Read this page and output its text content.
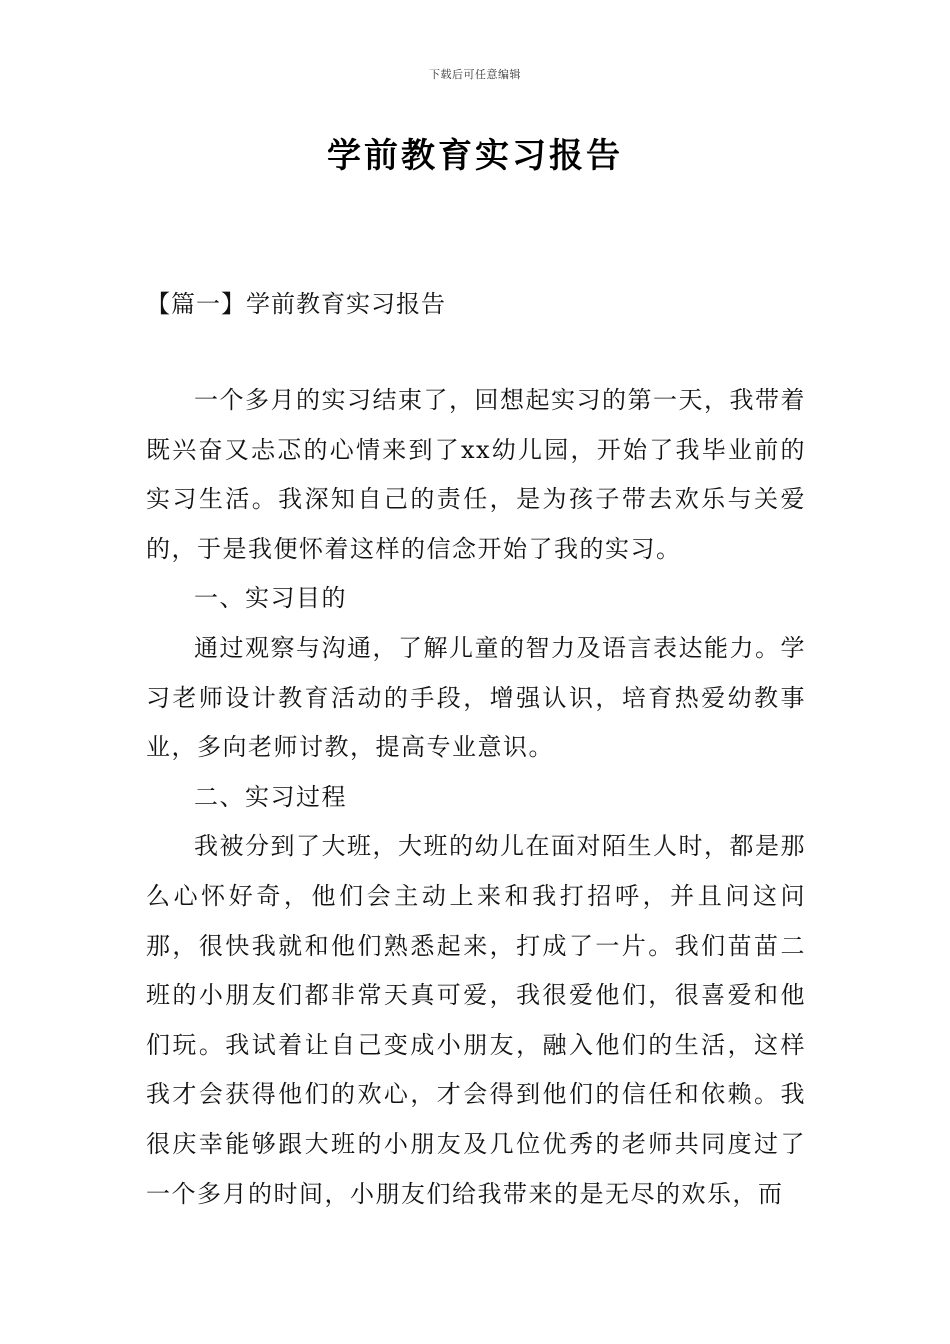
下载后可任意编辑
学前教育实习报告
【篇一】学前教育实习报告

一个多月的实习结束了，回想起实习的第一天，我带着既兴奋又忐忑的心情来到了xx幼儿园，开始了我毕业前的实习生活。我深知自己的责任，是为孩子带去欢乐与关爱的，于是我便怀着这样的信念开始了我的实习。

一、实习目的

通过观察与沟通，了解儿童的智力及语言表达能力。学习老师设计教育活动的手段，增强认识，培育热爱幼教事业，多向老师讨教，提高专业意识。

二、实习过程

我被分到了大班，大班的幼儿在面对陌生人时，都是那么心怀好奇，他们会主动上来和我打招呼，并且问这问那，很快我就和他们熟悉起来，打成了一片。我们苗苗二班的小朋友们都非常天真可爱，我很爱他们，很喜爱和他们玩。我试着让自己变成小朋友，融入他们的生活，这样我才会获得他们的欢心，才会得到他们的信任和依赖。我很庆幸能够跟大班的小朋友及几位优秀的老师共同度过了一个多月的时间，小朋友们给我带来的是无尽的欢乐，而
